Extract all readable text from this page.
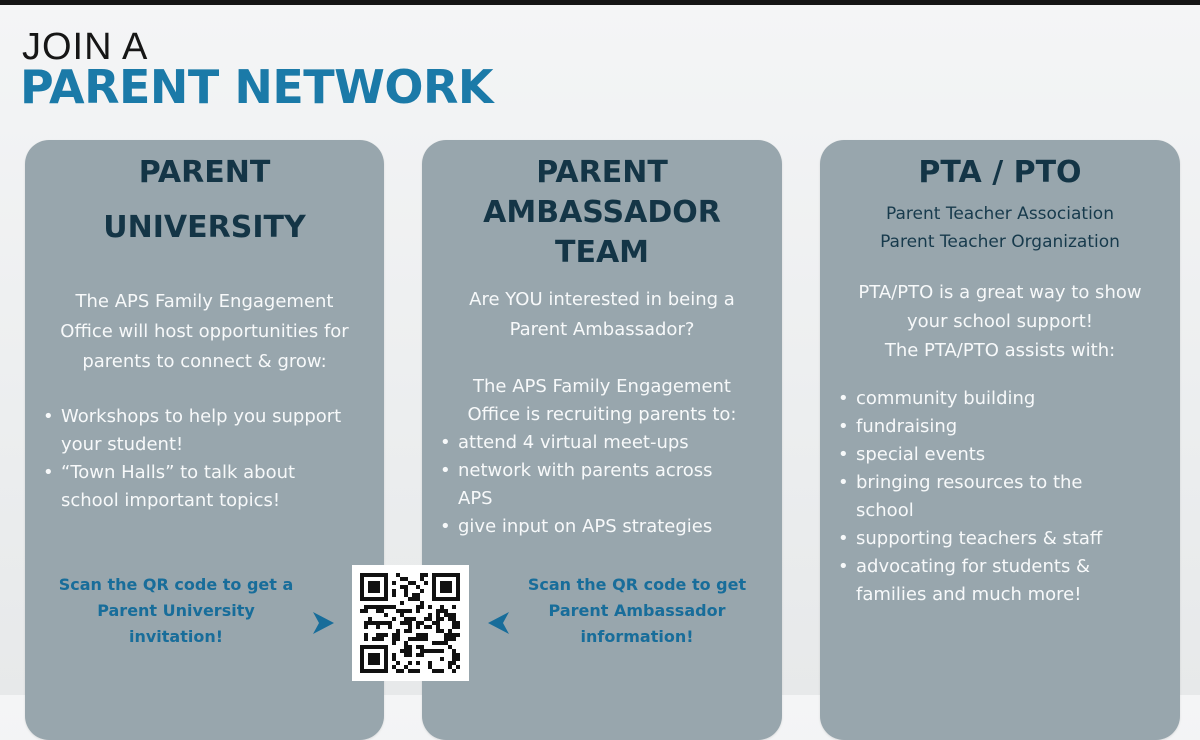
JOIN A
PARENT NETWORK
PARENT
UNIVERSITY
The APS Family Engagement
Office will host opportunities for
parents to connect & grow:
• Workshops to help you support
your student!
• “Town Halls” to talk about
school important topics!
PARENT
AMBASSADOR
TEAM
Are YOU interested in being a
Parent Ambassador?
The APS Family Engagement
Office is recruiting parents to:
• attend 4 virtual meet-ups
• network with parents across
APS
• give input on APS strategies
PTA / PTO
Parent Teacher Association
Parent Teacher Organization
PTA/PTO is a great way to show
your school support!
The PTA/PTO assists with:
• community building
• fundraising
• special events
• bringing resources to the
school
• supporting teachers & staff
• advocating for students &
families and much more!
Scan the QR code to get a
Parent University
invitation!
Scan the QR code to get
Parent Ambassador
information!
